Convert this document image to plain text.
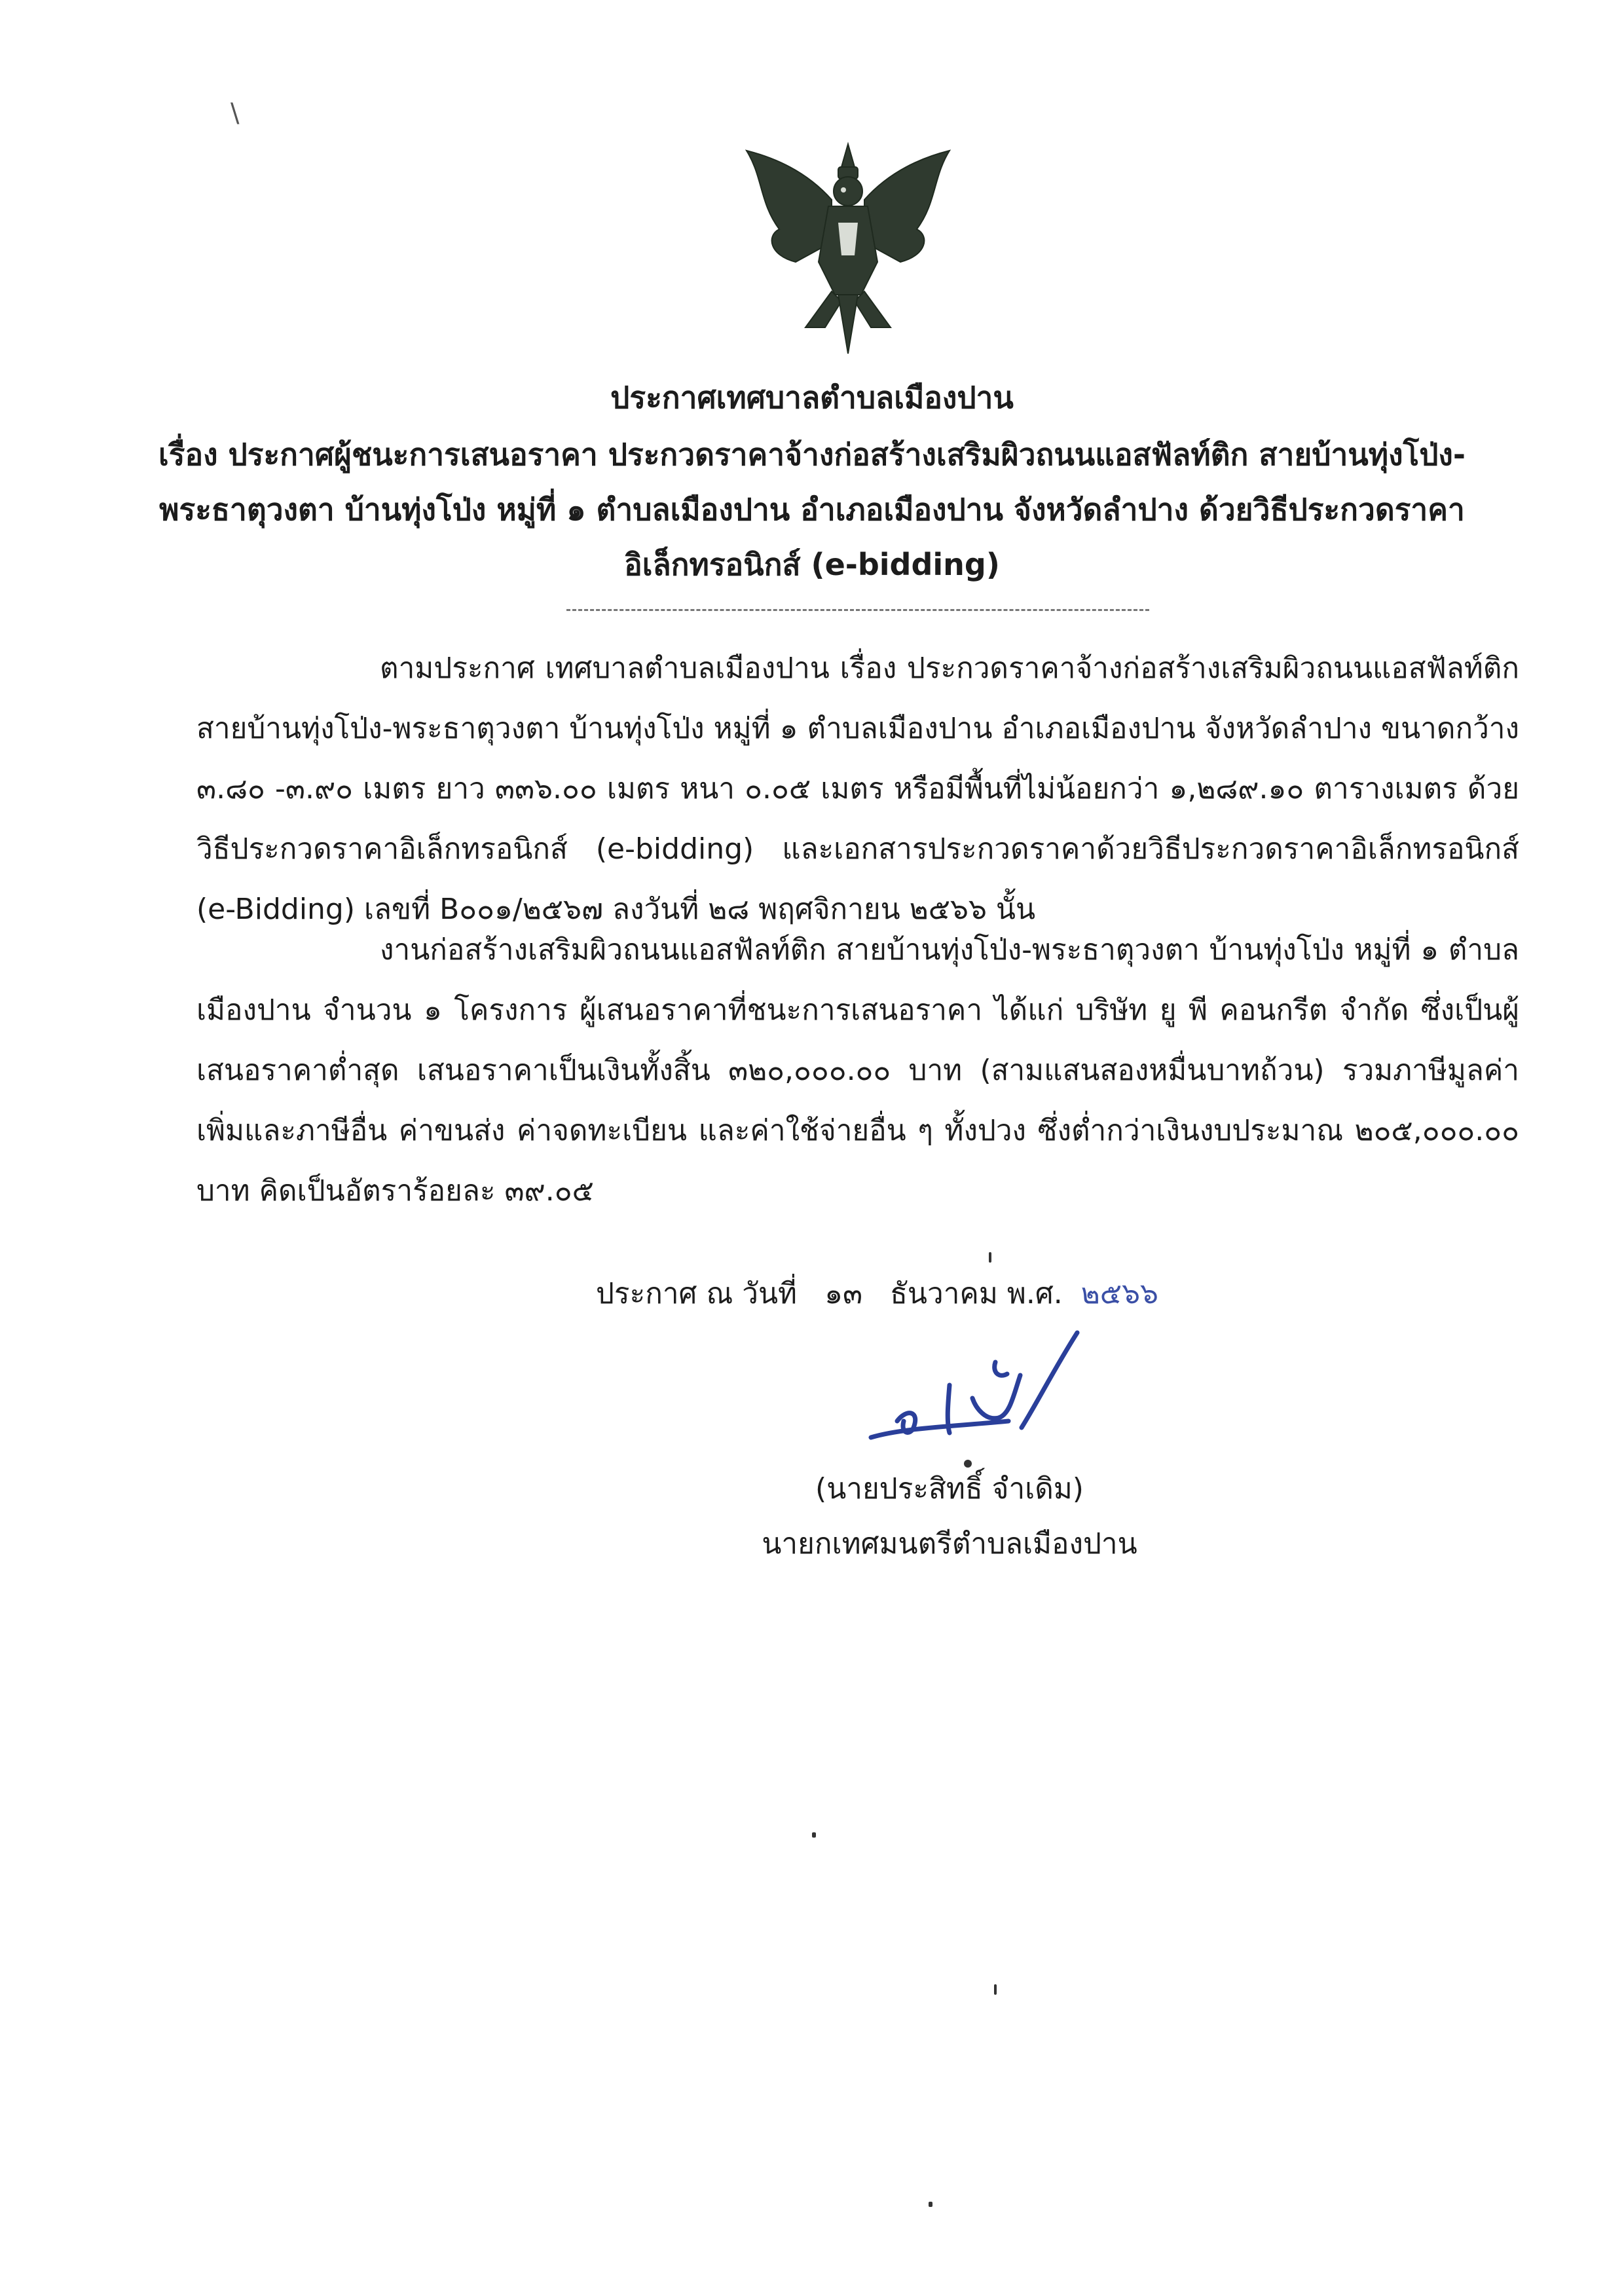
\

ประกาศเทศบาลตำบลเมืองปาน

เรื่อง ประกาศผู้ชนะการเสนอราคา ประกวดราคาจ้างก่อสร้างเสริมผิวถนนแอสฟัลท์ติก สายบ้านทุ่งโป่ง-พระธาตุวงตา บ้านทุ่งโป่ง หมู่ที่ ๑ ตำบลเมืองปาน อำเภอเมืองปาน จังหวัดลำปาง ด้วยวิธีประกวดราคาอิเล็กทรอนิกส์ (e-bidding)

ตามประกาศ เทศบาลตำบลเมืองปาน เรื่อง ประกวดราคาจ้างก่อสร้างเสริมผิวถนนแอสฟัลท์ติก สายบ้านทุ่งโป่ง-พระธาตุวงตา บ้านทุ่งโป่ง หมู่ที่ ๑ ตำบลเมืองปาน อำเภอเมืองปาน จังหวัดลำปาง ขนาดกว้าง ๓.๘๐ -๓.๙๐ เมตร ยาว ๓๓๖.๐๐ เมตร หนา ๐.๐๕ เมตร หรือมีพื้นที่ไม่น้อยกว่า ๑,๒๘๙.๑๐ ตารางเมตร ด้วยวิธีประกวดราคาอิเล็กทรอนิกส์ (e-bidding) และเอกสารประกวดราคาด้วยวิธีประกวดราคาอิเล็กทรอนิกส์ (e-Bidding) เลขที่ B๐๐๑/๒๕๖๗ ลงวันที่ ๒๘ พฤศจิกายน ๒๕๖๖ นั้น

งานก่อสร้างเสริมผิวถนนแอสฟัลท์ติก สายบ้านทุ่งโป่ง-พระธาตุวงตา บ้านทุ่งโป่ง หมู่ที่ ๑ ตำบลเมืองปาน จำนวน ๑ โครงการ ผู้เสนอราคาที่ชนะการเสนอราคา ได้แก่ บริษัท ยู พี คอนกรีต จำกัด ซึ่งเป็นผู้เสนอราคาต่ำสุด เสนอราคาเป็นเงินทั้งสิ้น ๓๒๐,๐๐๐.๐๐ บาท (สามแสนสองหมื่นบาทถ้วน) รวมภาษีมูลค่าเพิ่มและภาษีอื่น ค่าขนส่ง ค่าจดทะเบียน และค่าใช้จ่ายอื่น ๆ ทั้งปวง ซึ่งต่ำกว่าเงินงบประมาณ ๒๐๕,๐๐๐.๐๐ บาท คิดเป็นอัตราร้อยละ ๓๙.๐๕

ประกาศ ณ วันที่ ๑๓ ธันวาคม พ.ศ. ๒๕๖๖
(นายประสิทธิ์ จำเดิม)
นายกเทศมนตรีตำบลเมืองปาน
